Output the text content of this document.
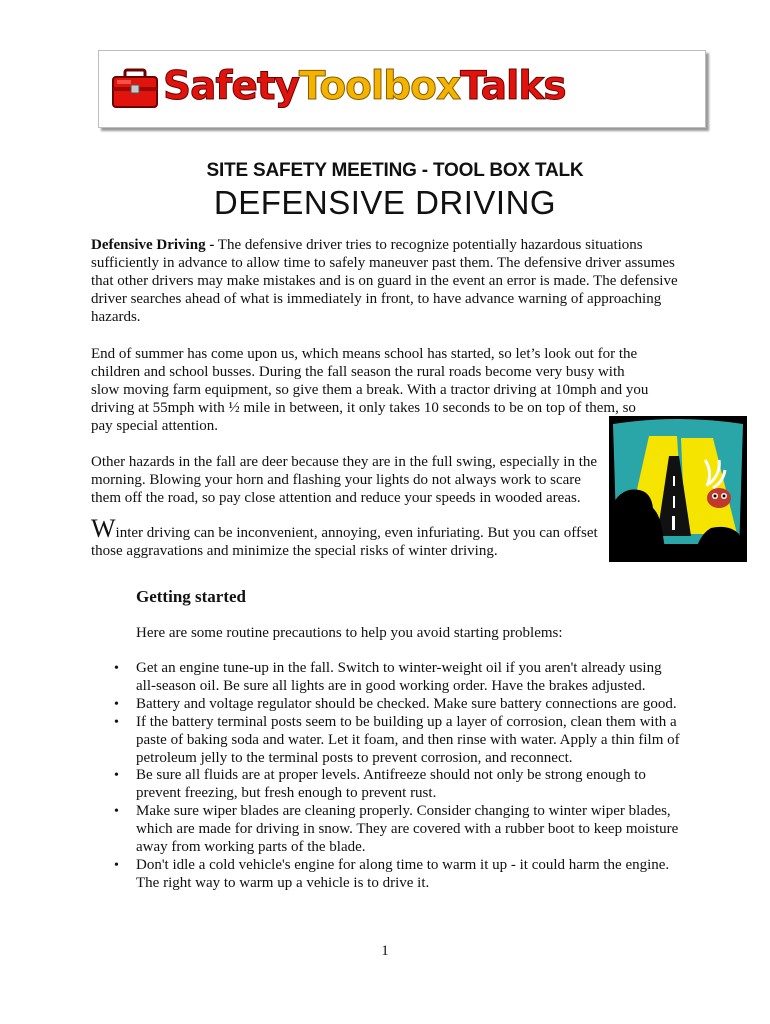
SafetyToolboxTalks
SITE SAFETY MEETING - TOOL BOX TALK
DEFENSIVE DRIVING

Defensive Driving - The defensive driver tries to recognize potentially hazardous situations sufficiently in advance to allow time to safely maneuver past them. The defensive driver assumes that other drivers may make mistakes and is on guard in the event an error is made. The defensive driver searches ahead of what is immediately in front, to have advance warning of approaching hazards.

End of summer has come upon us, which means school has started, so let’s look out for the children and school busses. During the fall season the rural roads become very busy with slow moving farm equipment, so give them a break. With a tractor driving at 10mph and you driving at 55mph with ½ mile in between, it only takes 10 seconds to be on top of them, so pay special attention.

Other hazards in the fall are deer because they are in the full swing, especially in the morning. Blowing your horn and flashing your lights do not always work to scare them off the road, so pay close attention and reduce your speeds in wooded areas.

Winter driving can be inconvenient, annoying, even infuriating. But you can offset those aggravations and minimize the special risks of winter driving.

Getting started

Here are some routine precautions to help you avoid starting problems:

• Get an engine tune-up in the fall. Switch to winter-weight oil if you aren't already using all-season oil. Be sure all lights are in good working order. Have the brakes adjusted.
• Battery and voltage regulator should be checked. Make sure battery connections are good.
• If the battery terminal posts seem to be building up a layer of corrosion, clean them with a paste of baking soda and water. Let it foam, and then rinse with water. Apply a thin film of petroleum jelly to the terminal posts to prevent corrosion, and reconnect.
• Be sure all fluids are at proper levels. Antifreeze should not only be strong enough to prevent freezing, but fresh enough to prevent rust.
• Make sure wiper blades are cleaning properly. Consider changing to winter wiper blades, which are made for driving in snow. They are covered with a rubber boot to keep moisture away from working parts of the blade.
• Don't idle a cold vehicle's engine for along time to warm it up - it could harm the engine. The right way to warm up a vehicle is to drive it.
1
